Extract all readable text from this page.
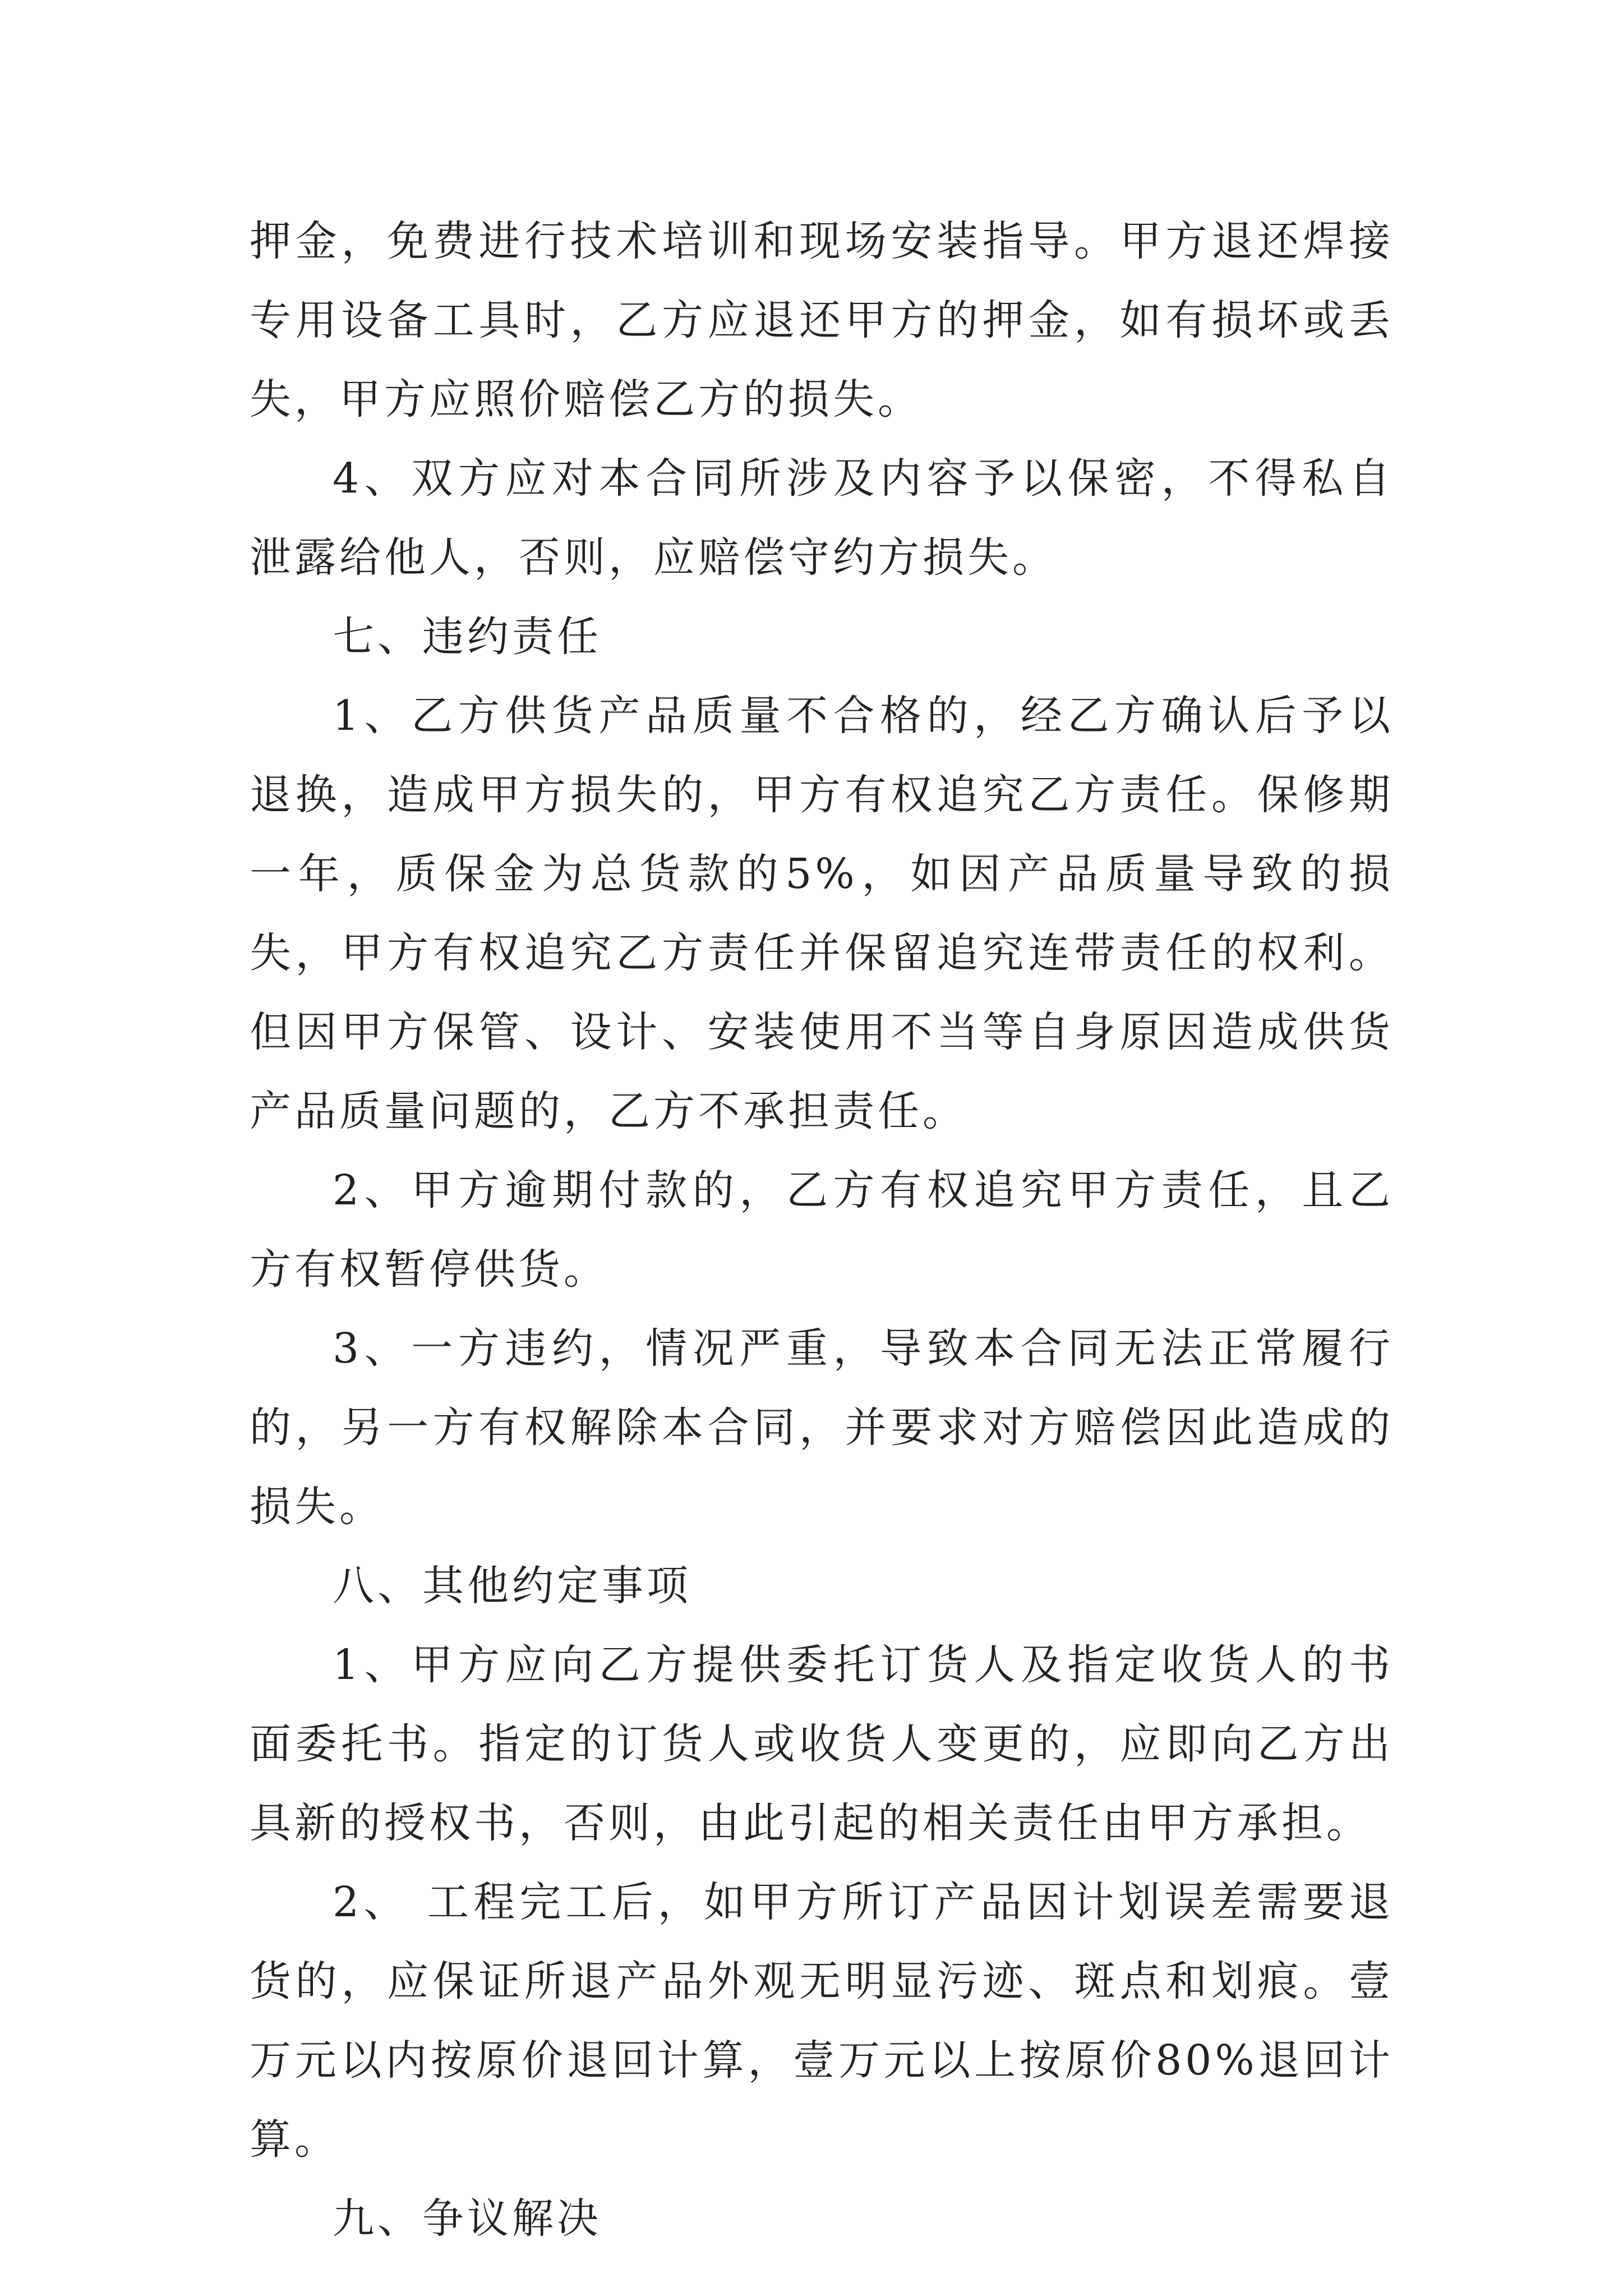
押金，免费进行技术培训和现场安装指导。甲方退还焊接专用设备工具时，乙方应退还甲方的押金，如有损坏或丢失，甲方应照价赔偿乙方的损失。

4、双方应对本合同所涉及内容予以保密，不得私自泄露给他人，否则，应赔偿守约方损失。

七、违约责任

1、乙方供货产品质量不合格的，经乙方确认后予以退换，造成甲方损失的，甲方有权追究乙方责任。保修期一年，质保金为总货款的5%，如因产品质量导致的损失，甲方有权追究乙方责任并保留追究连带责任的权利。但因甲方保管、设计、安装使用不当等自身原因造成供货产品质量问题的，乙方不承担责任。

2、甲方逾期付款的，乙方有权追究甲方责任，且乙方有权暂停供货。

3、一方违约，情况严重，导致本合同无法正常履行的，另一方有权解除本合同，并要求对方赔偿因此造成的损失。

八、其他约定事项

1、甲方应向乙方提供委托订货人及指定收货人的书面委托书。指定的订货人或收货人变更的，应即向乙方出具新的授权书，否则，由此引起的相关责任由甲方承担。

2、 工程完工后，如甲方所订产品因计划误差需要退货的，应保证所退产品外观无明显污迹、斑点和划痕。壹万元以内按原价退回计算，壹万元以上按原价80%退回计算。

九、争议解决
